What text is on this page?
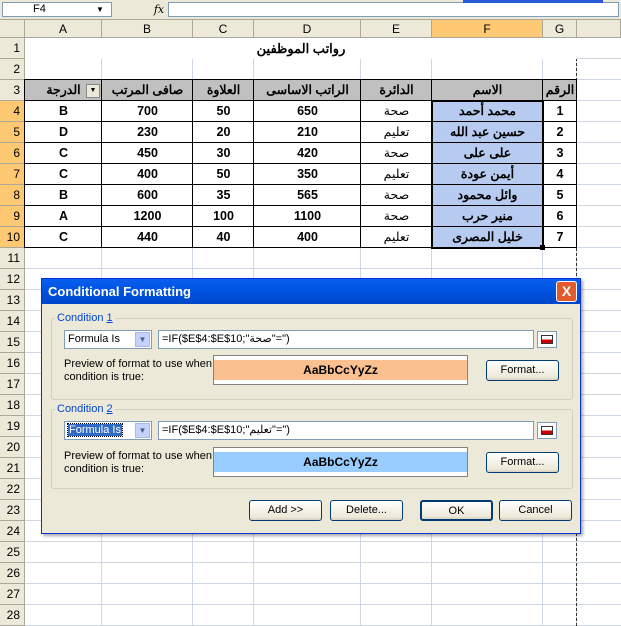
F4	▼	fx
A	B	C	D	E	F	G
1
2
3
4
5
6
7
8
9
10
11
12
13
14
15
16
17
18
19
20
21
22
23
24
25
26
27
28
رواتب الموظفين
الدرجة	صافى المرتب	العلاوة	الراتب الاساسى	الدائرة	الاسم	الرقم
▼
B	700	50	650	صحة	محمد أحمد	1
D	230	20	210	تعليم	حسين عبد الله	2
C	450	30	420	صحة	على على	3
C	400	50	350	تعليم	أيمن عودة	4
B	600	35	565	صحة	وائل محمود	5
A	1200	100	1100	صحة	منير حرب	6
C	440	40	400	تعليم	خليل المصرى	7
Conditional Formatting	X
Condition 1
Formula Is	▼	=IF($E$4:$E$10;"صحة"=")
Preview of format to use when condition is true:	AaBbCcYyZz	Format...
Condition 2
Formula Is	▼	=IF($E$4:$E$10;"تعليم"=")
Preview of format to use when condition is true:	AaBbCcYyZz	Format...
Add >>	Delete...	OK	Cancel
